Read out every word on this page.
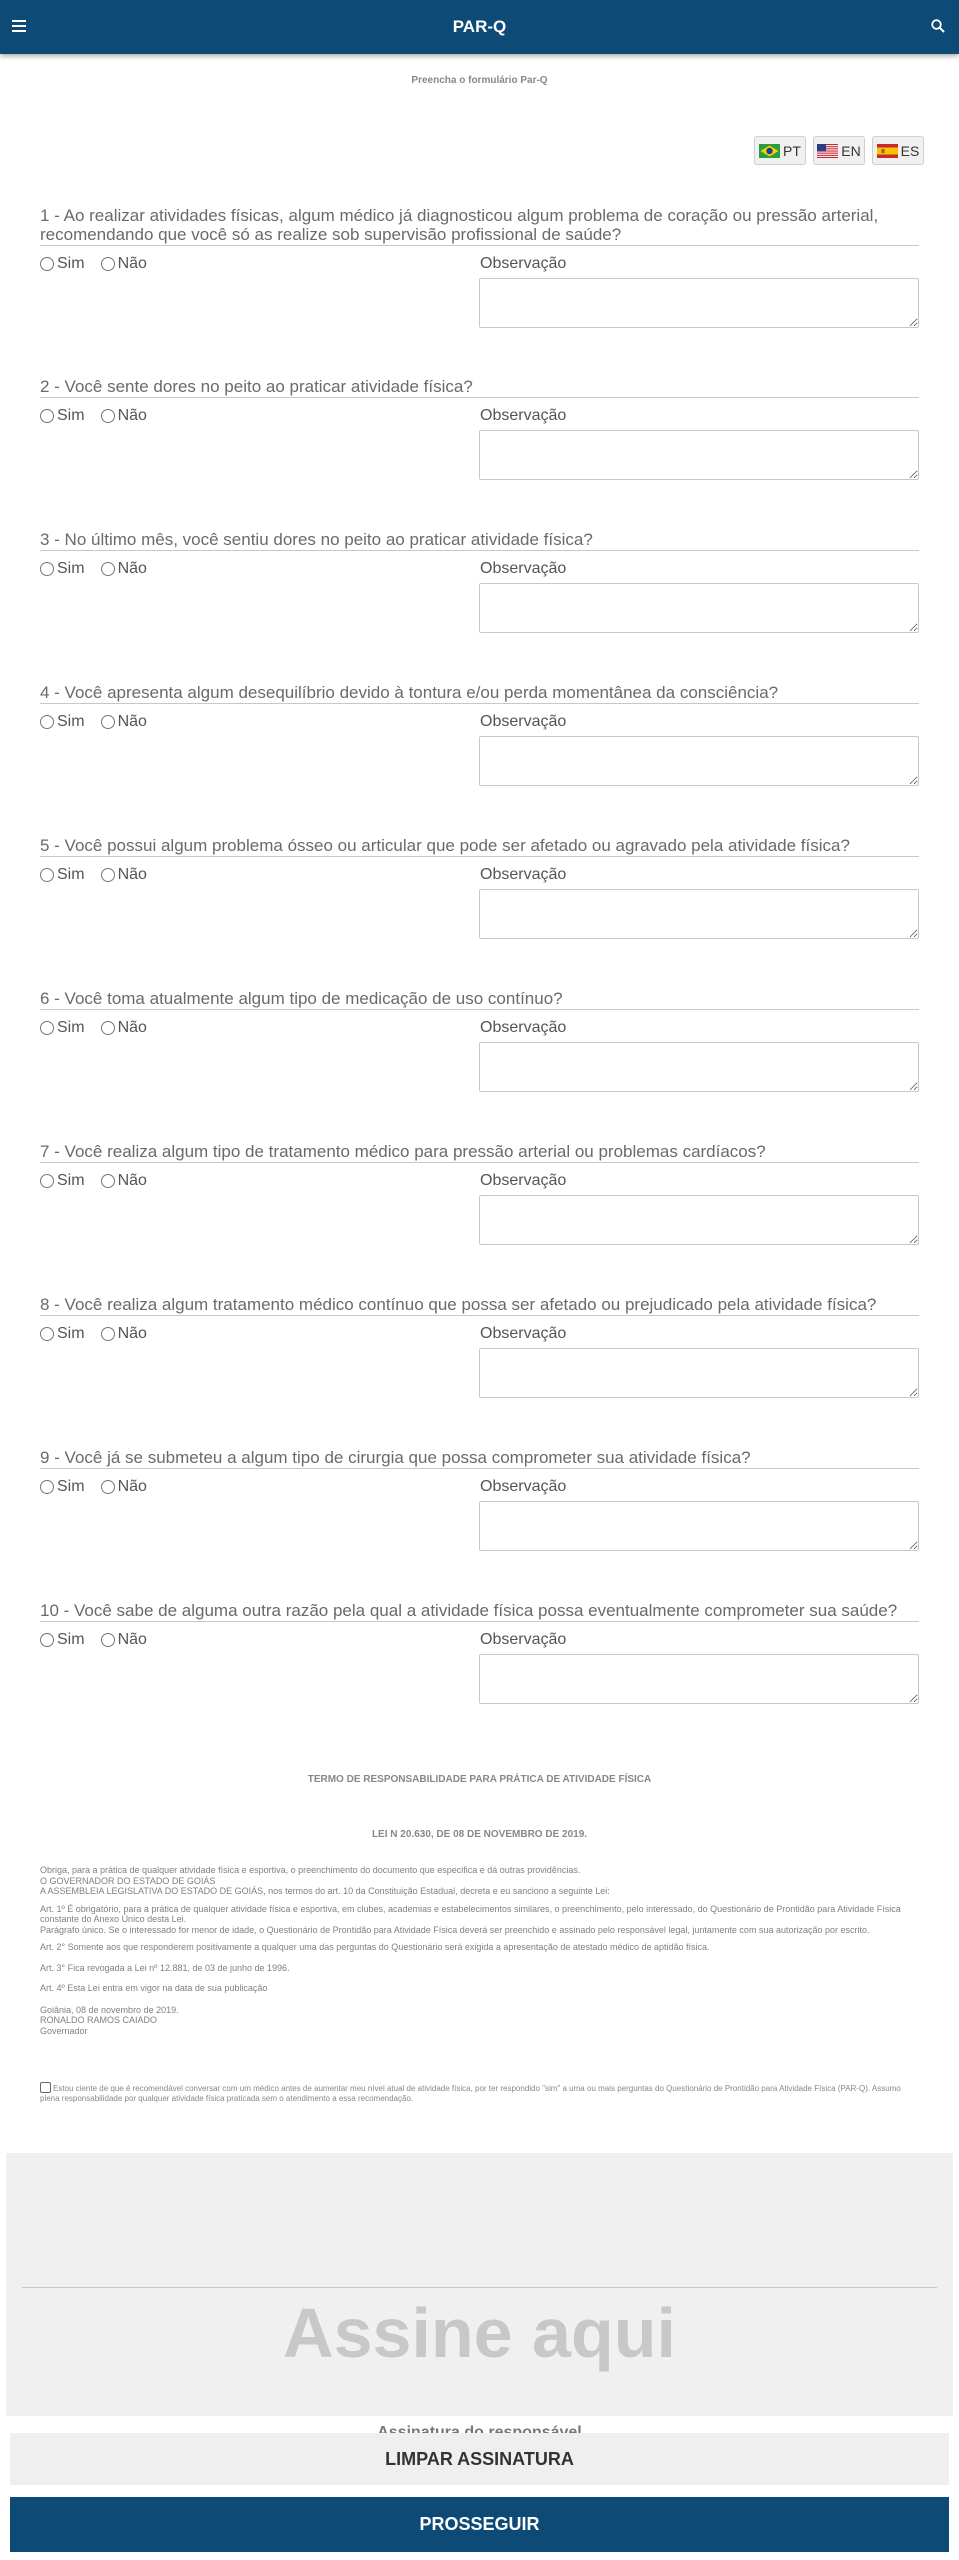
PAR-Q
Preencha o formulário Par-Q
PT	EN	ES
1 - Ao realizar atividades físicas, algum médico já diagnosticou algum problema de coração ou pressão arterial, recomendando que você só as realize sob supervisão profissional de saúde?
Sim Não	Observação
2 - Você sente dores no peito ao praticar atividade física?
Sim Não	Observação
3 - No último mês, você sentiu dores no peito ao praticar atividade física?
Sim Não	Observação
4 - Você apresenta algum desequilíbrio devido à tontura e/ou perda momentânea da consciência?
Sim Não	Observação
5 - Você possui algum problema ósseo ou articular que pode ser afetado ou agravado pela atividade física?
Sim Não	Observação
6 - Você toma atualmente algum tipo de medicação de uso contínuo?
Sim Não	Observação
7 - Você realiza algum tipo de tratamento médico para pressão arterial ou problemas cardíacos?
Sim Não	Observação
8 - Você realiza algum tratamento médico contínuo que possa ser afetado ou prejudicado pela atividade física?
Sim Não	Observação
9 - Você já se submeteu a algum tipo de cirurgia que possa comprometer sua atividade física?
Sim Não	Observação
10 - Você sabe de alguma outra razão pela qual a atividade física possa eventualmente comprometer sua saúde?
Sim Não	Observação
TERMO DE RESPONSABILIDADE PARA PRÁTICA DE ATIVIDADE FÍSICA
LEI N 20.630, DE 08 DE NOVEMBRO DE 2019.

Obriga, para a prática de qualquer atividade física e esportiva, o preenchimento do documento que especifica e dá outras providências.

O GOVERNADOR DO ESTADO DE GOIÁS

A ASSEMBLEIA LEGISLATIVA DO ESTADO DE GOIÁS, nos termos do art. 10 da Constituição Estadual, decreta e eu sanciono a seguinte Lei:

Art. 1º É obrigatório, para a prática de qualquer atividade física e esportiva, em clubes, academias e estabelecimentos similares, o preenchimento, pelo interessado, do Questionário de Prontidão para Atividade Física constante do Anexo Único desta Lei.

Parágrafo único. Se o interessado for menor de idade, o Questionário de Prontidão para Atividade Física deverá ser preenchido e assinado pelo responsável legal, juntamente com sua autorização por escrito.

Art. 2° Somente aos que responderem positivamente a qualquer uma das perguntas do Questionário será exigida a apresentação de atestado médico de aptidão física.

Art. 3° Fica revogada a Lei nº 12.881, de 03 de junho de 1996.

Art. 4º Esta Lei entra em vigor na data de sua publicação

Goiânia, 08 de novembro de 2019.

RONALDO RAMOS CAIADO

Governador

Estou ciente de que é recomendável conversar com um médico antes de aumentar meu nível atual de atividade física, por ter respondido "sim" a uma ou mais perguntas do Questionário de Prontidão para Atividade Física (PAR-Q). Assumo plena responsabilidade por qualquer atividade física praticada sem o atendimento a essa recomendação.
Assine aqui
LIMPAR ASSINATURA
PROSSEGUIR
